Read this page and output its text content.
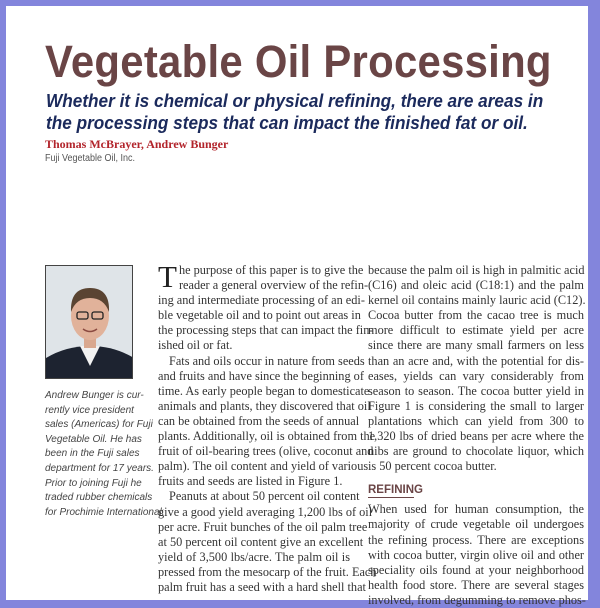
Vegetable Oil Processing
Whether it is chemical or physical refining, there are areas in
the processing steps that can impact the finished fat or oil.
Thomas McBrayer, Andrew Bunger
Fuji Vegetable Oil, Inc.
Andrew Bunger is cur-
rently vice president
sales (Americas) for Fuji
Vegetable Oil. He has
been in the Fuji sales
department for 17 years.
Prior to joining Fuji he
traded rubber chemicals
for Prochimie International.
T he purpose of this paper is to give the
reader a general overview of the refin-
ing and intermediate processing of an edi-
ble vegetable oil and to point out areas in
the processing steps that can impact the fin-
ished oil or fat.
Fats and oils occur in nature from seeds
and fruits and have since the beginning of
time. As early people began to domesticate
animals and plants, they discovered that oil
can be obtained from the seeds of annual
plants. Additionally, oil is obtained from the
fruit of oil-bearing trees (olive, coconut and
palm). The oil content and yield of various
fruits and seeds are listed in Figure 1.
Peanuts at about 50 percent oil content
give a good yield averaging 1,200 lbs of oil
per acre. Fruit bunches of the oil palm tree
at 50 percent oil content give an excellent
yield of 3,500 lbs/acre. The palm oil is
pressed from the mesocarp of the fruit. Each
palm fruit has a seed with a hard shell that
because the palm oil is high in palmitic acid
(C16) and oleic acid (C18:1) and the palm
kernel oil contains mainly lauric acid (C12).
Cocoa butter from the cacao tree is much
more difficult to estimate yield per acre
since there are many small farmers on less
than an acre and, with the potential for dis-
eases, yields can vary considerably from
season to season. The cocoa butter yield in
Figure 1 is considering the small to larger
plantations which can yield from 300 to
1,320 lbs of dried beans per acre where the
nibs are ground to chocolate liquor, which
is 50 percent cocoa butter.
REFINING
When used for human consumption, the
majority of crude vegetable oil undergoes
the refining process. There are exceptions
with cocoa butter, virgin olive oil and other
speciality oils found at your neighborhood
health food store. There are several stages
involved, from degumming to remove phos-
